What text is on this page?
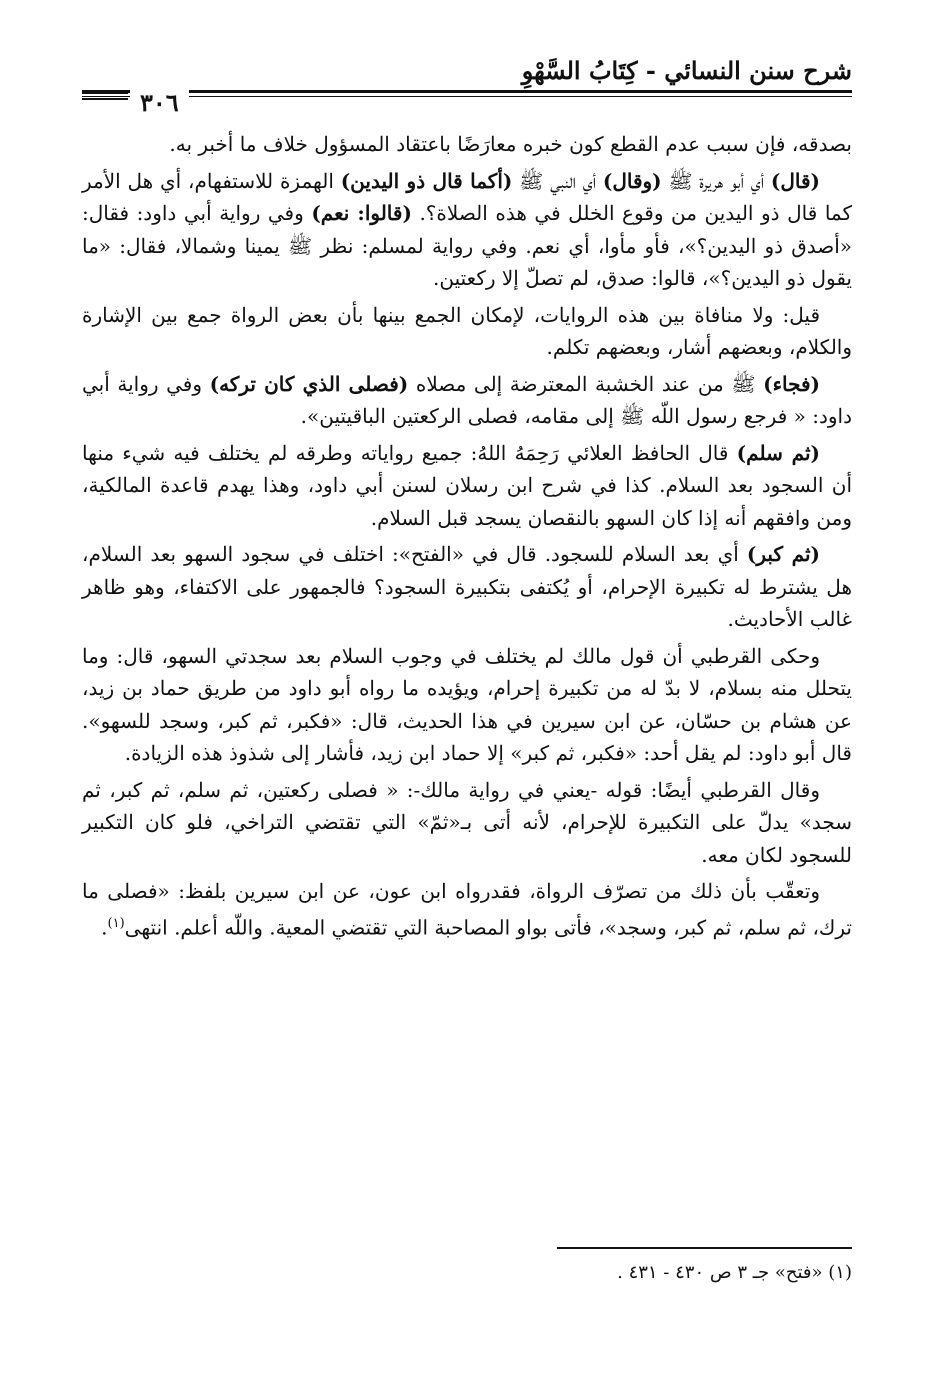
شرح سنن النسائي - كِتَابُ السَّهْوِ
٣٠٦

بصدقه، فإن سبب عدم القطع كون خبره معارَضًا باعتقاد المسؤول خلاف ما أخبر به.

(قال) أي أبو هريرة ﷺ (وقال) أي النبي ﷺ (أكما قال ذو اليدين) الهمزة للاستفهام، أي هل الأمر كما قال ذو اليدين من وقوع الخلل في هذه الصلاة؟. (قالوا: نعم) وفي رواية أبي داود: فقال: «أصدق ذو اليدين؟»، فأو مأوا، أي نعم. وفي رواية لمسلم: نظر ﷺ يمينا وشمالا، فقال: «ما يقول ذو اليدين؟»، قالوا: صدق، لم تصلّ إلا ركعتين.

قيل: ولا منافاة بين هذه الروايات، لإمكان الجمع بينها بأن بعض الرواة جمع بين الإشارة والكلام، وبعضهم أشار، وبعضهم تكلم.

(فجاء) ﷺ من عند الخشبة المعترضة إلى مصلاه (فصلى الذي كان تركه) وفي رواية أبي داود: « فرجع رسول اللّه ﷺ إلى مقامه، فصلى الركعتين الباقيتين».

(ثم سلم) قال الحافظ العلائي رَحِمَهُ اللهُ: جميع رواياته وطرقه لم يختلف فيه شيء منها أن السجود بعد السلام. كذا في شرح ابن رسلان لسنن أبي داود، وهذا يهدم قاعدة المالكية، ومن وافقهم أنه إذا كان السهو بالنقصان يسجد قبل السلام.

(ثم كبر) أي بعد السلام للسجود. قال في «الفتح»: اختلف في سجود السهو بعد السلام، هل يشترط له تكبيرة الإحرام، أو يُكتفى بتكبيرة السجود؟ فالجمهور على الاكتفاء، وهو ظاهر غالب الأحاديث.

وحكى القرطبي أن قول مالك لم يختلف في وجوب السلام بعد سجدتي السهو، قال: وما يتحلل منه بسلام، لا بدّ له من تكبيرة إحرام، ويؤيده ما رواه أبو داود من طريق حماد بن زيد، عن هشام بن حسّان، عن ابن سيرين في هذا الحديث، قال: «فكبر، ثم كبر، وسجد للسهو». قال أبو داود: لم يقل أحد: «فكبر، ثم كبر» إلا حماد ابن زيد، فأشار إلى شذوذ هذه الزيادة.

وقال القرطبي أيضًا: قوله -يعني في رواية مالك-: « فصلى ركعتين، ثم سلم، ثم كبر، ثم سجد» يدلّ على التكبيرة للإحرام، لأنه أتى بـ«ثمّ» التي تقتضي التراخي، فلو كان التكبير للسجود لكان معه.

وتعقّب بأن ذلك من تصرّف الرواة، فقدرواه ابن عون، عن ابن سيرين بلفظ: «فصلى ما ترك، ثم سلم، ثم كبر، وسجد»، فأتى بواو المصاحبة التي تقتضي المعية. واللّه أعلم. انتهى$^{(١)}$.

(١) «فتح» جـ ٣ ص ٤٣٠ - ٤٣١ .
